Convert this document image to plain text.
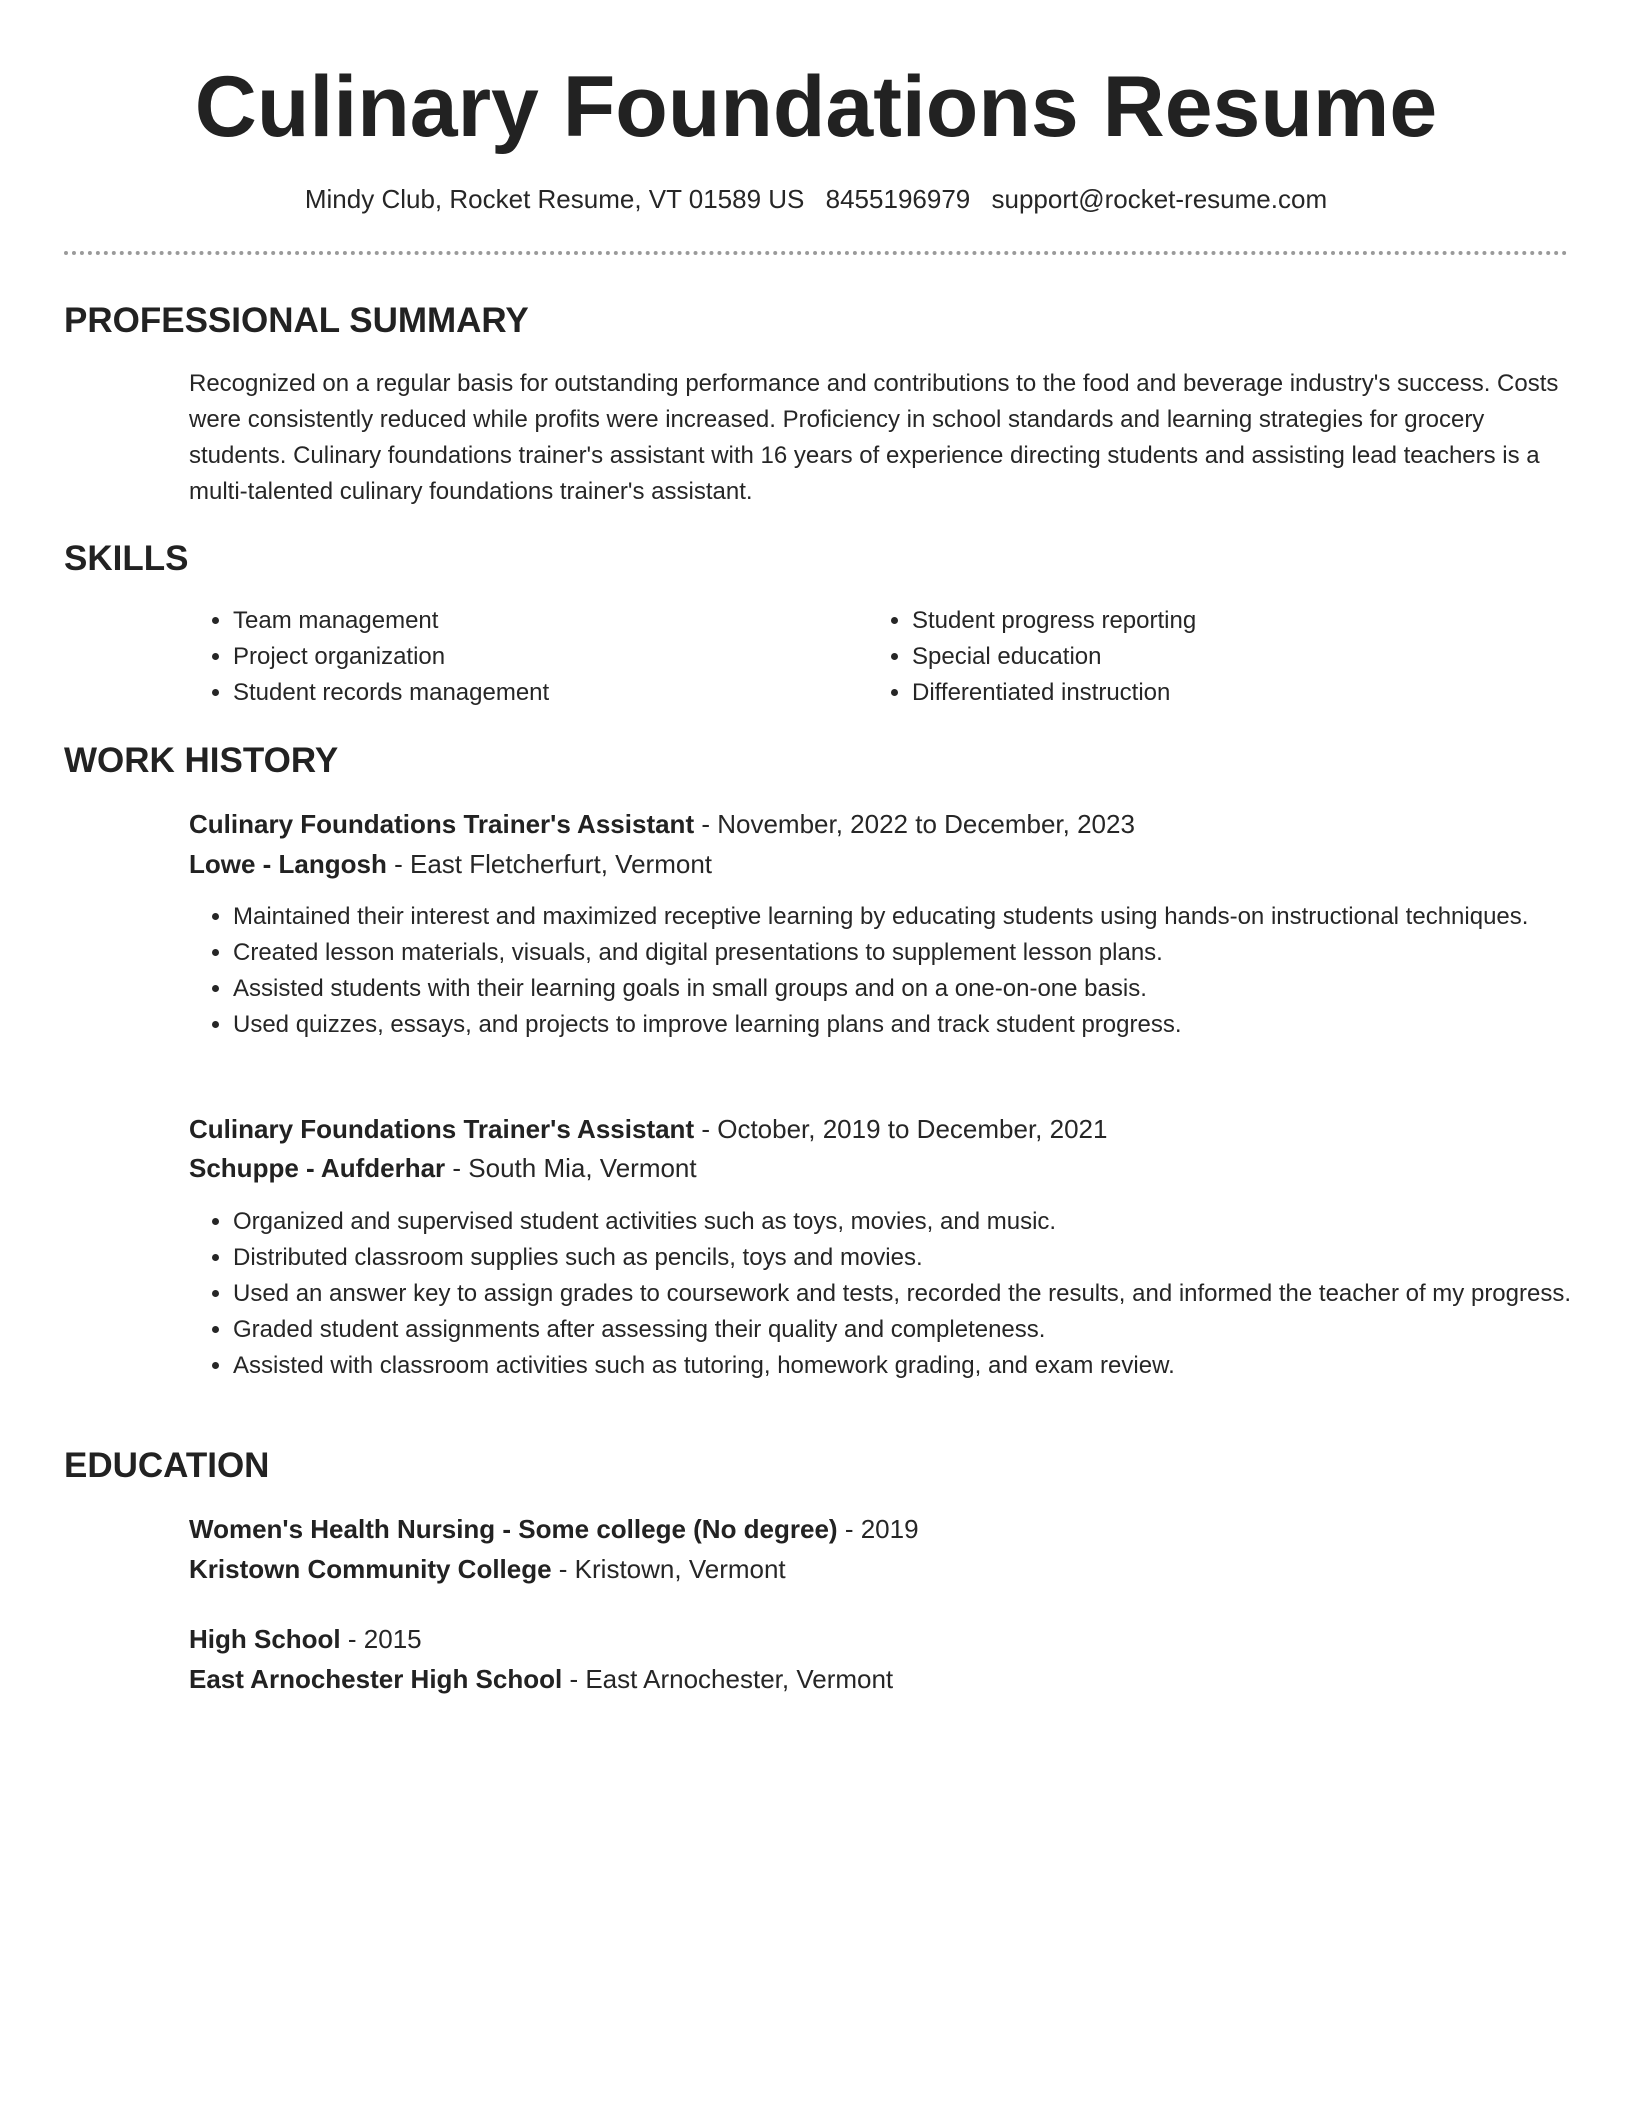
Culinary Foundations Resume
Mindy Club, Rocket Resume, VT 01589 US 8455196979 support@rocket-resume.com
PROFESSIONAL SUMMARY

Recognized on a regular basis for outstanding performance and contributions to the food and beverage industry's success. Costs were consistently reduced while profits were increased. Proficiency in school standards and learning strategies for grocery students. Culinary foundations trainer's assistant with 16 years of experience directing students and assisting lead teachers is a multi-talented culinary foundations trainer's assistant.

SKILLS
• Team management
• Project organization
• Student records management
• Student progress reporting
• Special education
• Differentiated instruction
WORK HISTORY
Culinary Foundations Trainer's Assistant - November, 2022 to December, 2023
Lowe - Langosh - East Fletcherfurt, Vermont
• Maintained their interest and maximized receptive learning by educating students using hands-on instructional techniques.
• Created lesson materials, visuals, and digital presentations to supplement lesson plans.
• Assisted students with their learning goals in small groups and on a one-on-one basis.
• Used quizzes, essays, and projects to improve learning plans and track student progress.
Culinary Foundations Trainer's Assistant - October, 2019 to December, 2021
Schuppe - Aufderhar - South Mia, Vermont
• Organized and supervised student activities such as toys, movies, and music.
• Distributed classroom supplies such as pencils, toys and movies.
• Used an answer key to assign grades to coursework and tests, recorded the results, and informed the teacher of my progress.
• Graded student assignments after assessing their quality and completeness.
• Assisted with classroom activities such as tutoring, homework grading, and exam review.
EDUCATION
Women's Health Nursing - Some college (No degree) - 2019
Kristown Community College - Kristown, Vermont
High School - 2015
East Arnochester High School - East Arnochester, Vermont
